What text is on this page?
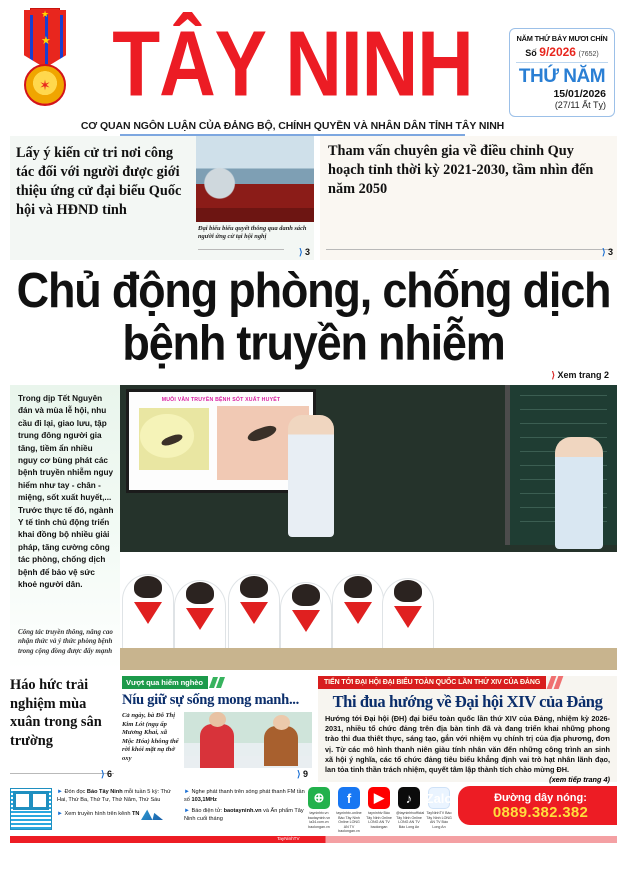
★
★
✶ TÂY NINH
CƠ QUAN NGÔN LUẬN CỦA ĐẢNG BỘ, CHÍNH QUYỀN VÀ NHÂN DÂN TỈNH TÂY NINH
NĂM THỨ BẢY MƯƠI CHÍN
Số 9/2026 (7652)
THỨ NĂM
15/01/2026
(27/11 Ất Tỵ)
Lấy ý kiến cử tri nơi công tác đối với người được giới thiệu ứng cử đại biểu Quốc hội và HĐND tỉnh
Đại biểu biểu quyết thông qua danh sách người ứng cử tại hội nghị
⟩ 3
Tham vấn chuyên gia về điều chỉnh Quy hoạch tỉnh thời kỳ 2021-2030, tầm nhìn đến năm 2050
⟩ 3
Chủ động phòng, chống dịch bệnh truyền nhiễm
⟩ Xem trang 2
Trong dịp Tết Nguyên đán và mùa lễ hội, nhu cầu đi lại, giao lưu, tập trung đông người gia tăng, tiềm ẩn nhiều nguy cơ bùng phát các bệnh truyền nhiễm nguy hiểm như tay - chân - miệng, sốt xuất huyết,... Trước thực tế đó, ngành Y tế tỉnh chủ động triển khai đồng bộ nhiều giải pháp, tăng cường công tác phòng, chống dịch bệnh để bảo vệ sức khoẻ người dân.
Công tác truyền thông, nâng cao nhận thức và ý thức phòng bệnh trong cộng đồng được đẩy mạnh
MUỖI VẰN TRUYỀN BỆNH SỐT XUẤT HUYẾT
Háo hức trải nghiệm mùa xuân trong sân trường
⟩ 6
Vượt qua hiểm nghèo
Níu giữ sự sống mong manh...
Cả ngày, bà Đỗ Thị Kim Lót (ngụ ấp Mương Khai, xã Mộc Hóa) không thể rời khỏi mặt nạ thở oxy
⟩ 9
TIẾN TỚI ĐẠI HỘI ĐẠI BIỂU TOÀN QUỐC LẦN THỨ XIV CỦA ĐẢNG
Thi đua hướng về Đại hội XIV của Đảng
Hướng tới Đại hội (ĐH) đại biểu toàn quốc lần thứ XIV của Đảng, nhiệm kỳ 2026-2031, nhiều tổ chức đảng trên địa bàn tỉnh đã và đang triển khai những phong trào thi đua thiết thực, sáng tạo, gắn với nhiệm vụ chính trị của địa phương, đơn vị. Từ các mô hình thanh niên giàu tính nhân văn đến những công trình an sinh xã hội ý nghĩa, các tổ chức đảng tiêu biểu khẳng định vai trò hạt nhân lãnh đạo, lan tỏa tinh thần trách nhiệm, quyết tâm lập thành tích chào mừng ĐH.
(xem tiếp trang 4)
► Đón đọc Báo Tây Ninh mỗi tuần 5 kỳ: Thứ Hai, Thứ Ba, Thứ Tư, Thứ Năm, Thứ Sáu
► Xem truyền hình trên kênh TN
► Nghe phát thanh trên sóng phát thanh FM tần số 103,1MHz
► Báo điện tử: baotayninh.vn và Ấn phẩm Tây Ninh cuối tháng
⊕
tayninhtv.vn baotayninh.vn la34.com.vn baolongan.vn
f
tayninhtv-online Báo Tây Ninh Online LONG AN TV baolongan.vn
▶
tayninhtv Báo Tây Ninh Online LONG AN TV baolongan
♪
@tayninhtvofficial Tây Ninh Online LONG AN TV Báo Long An
Zalo
TayNinhTV Báo Tây Ninh LONG AN TV Báo Long An
Đường dây nóng:
0889.382.382
TayNinhTV
